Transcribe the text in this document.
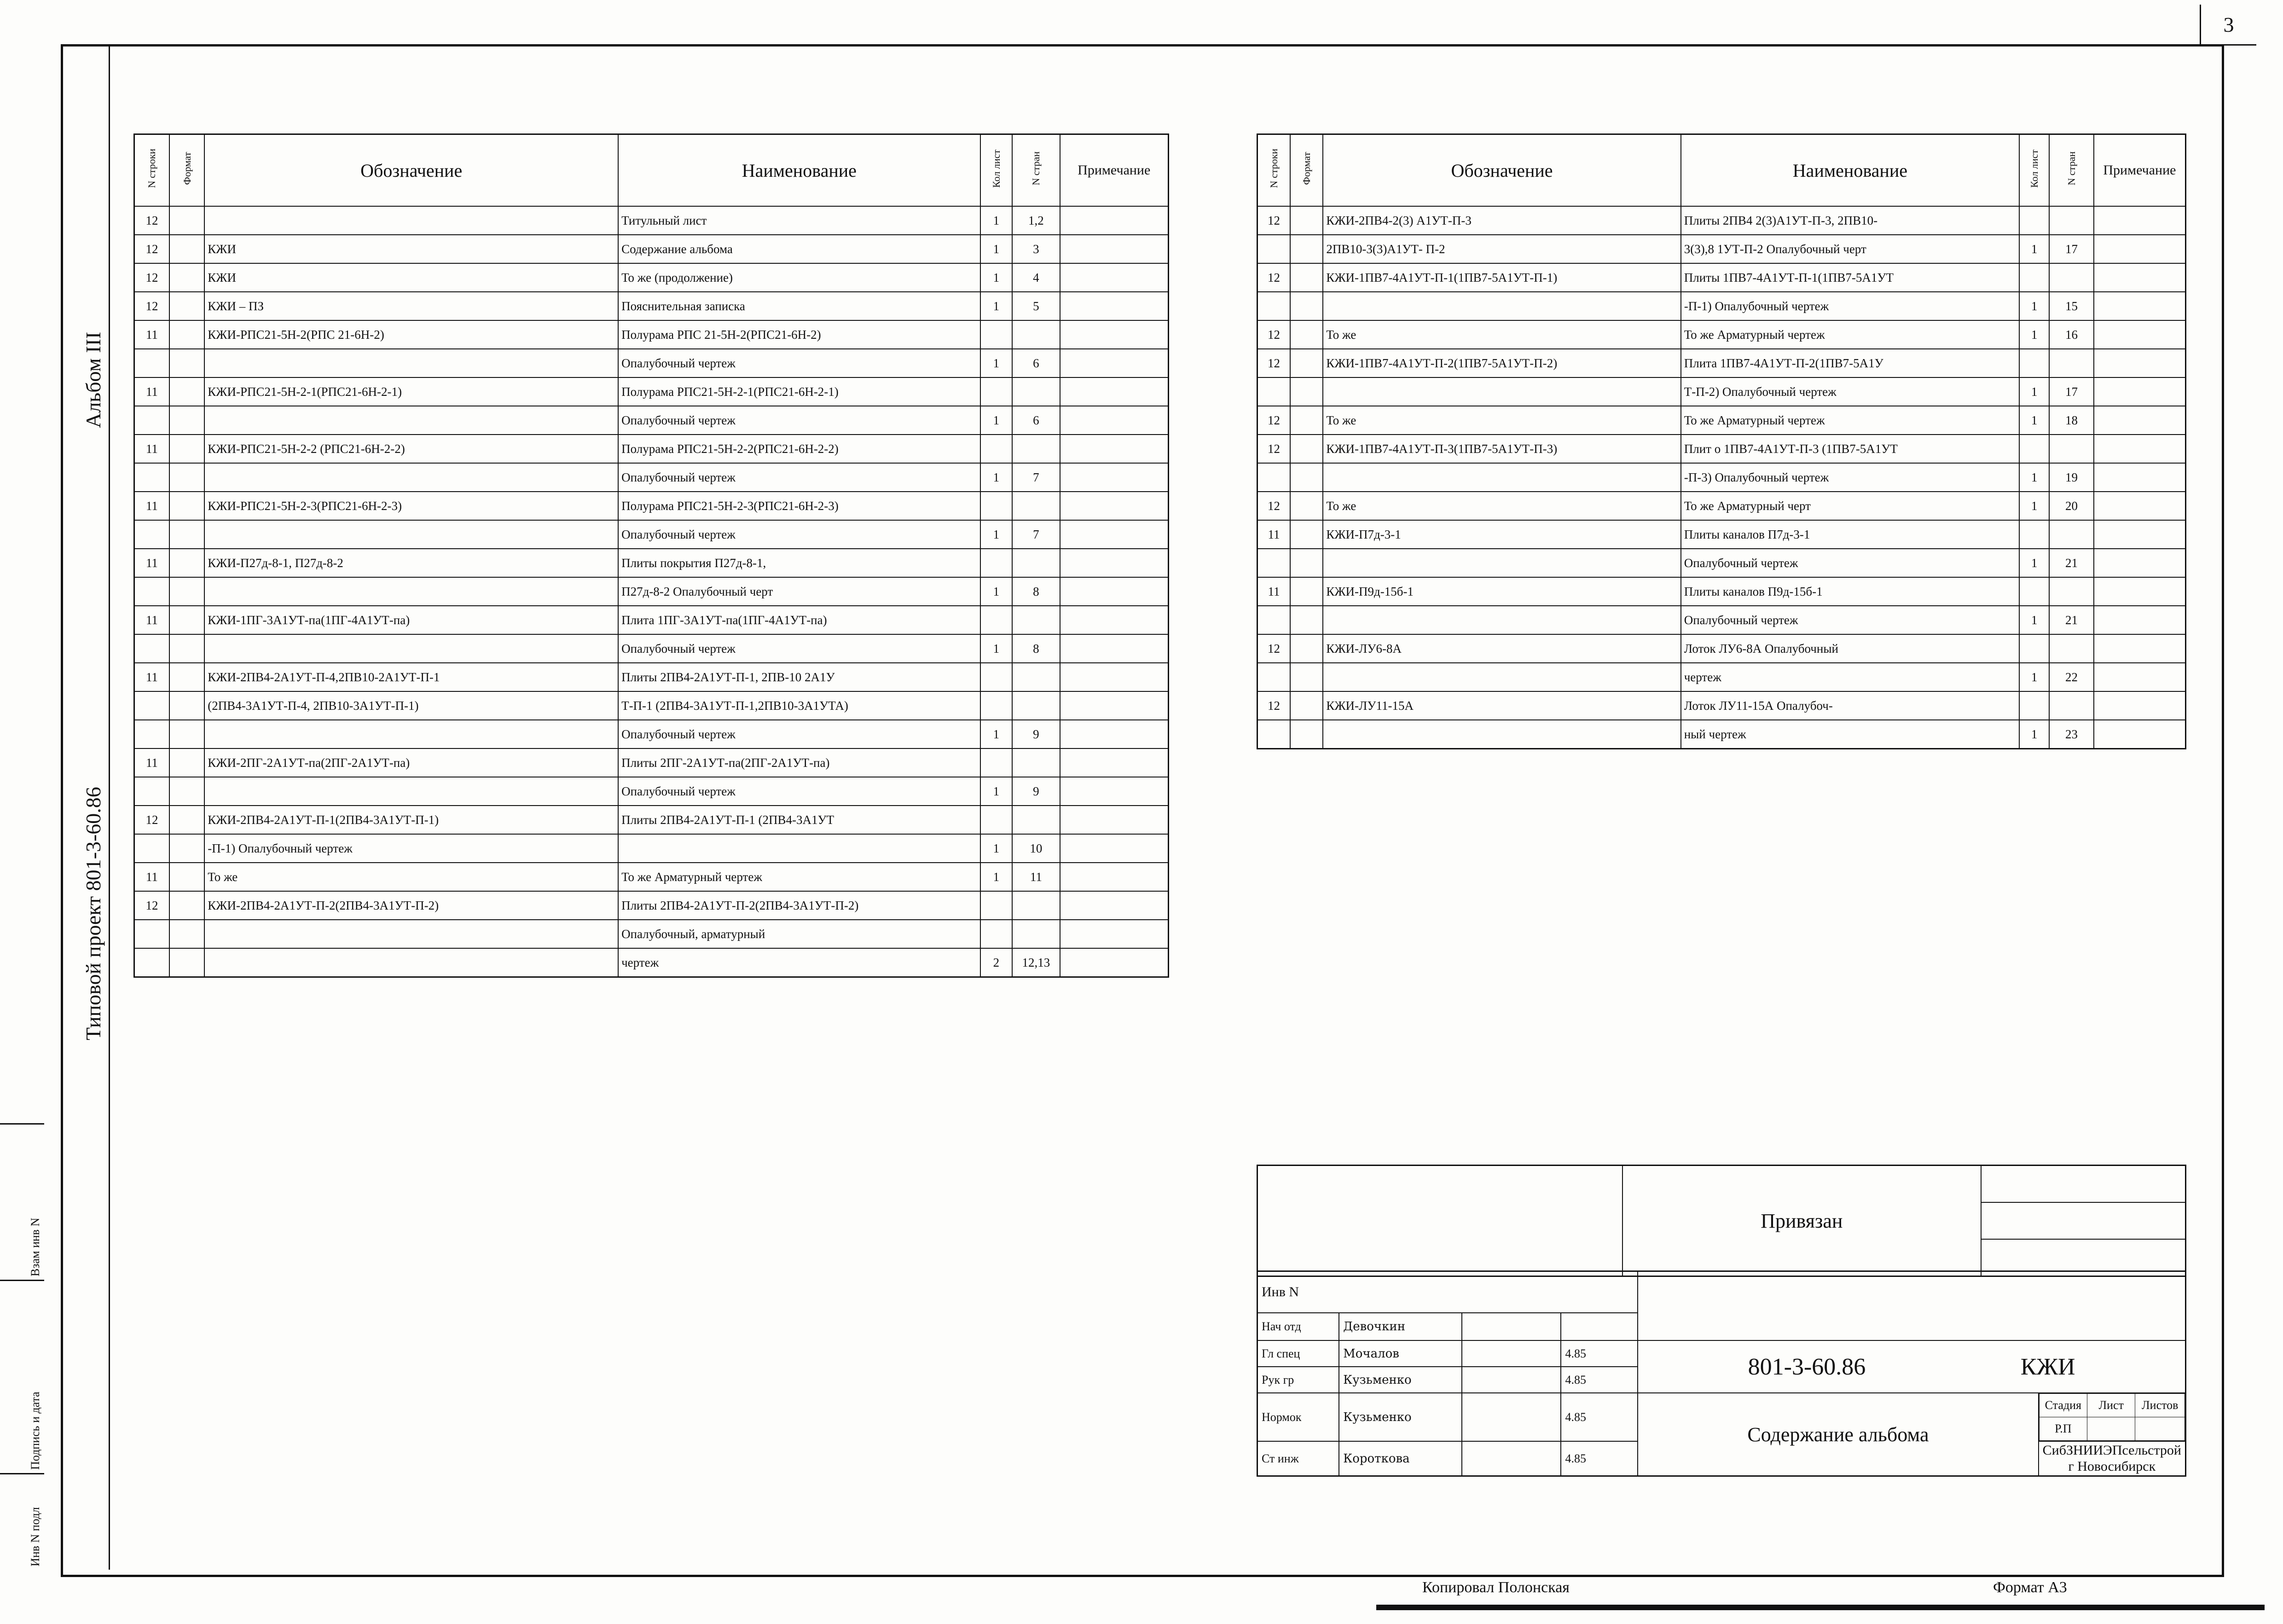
3
Альбом III
Типовой проект 801-3-60.86
Взам инв N
Подпись и дата
Инв N подл
N строки	Формат	Обозначение	Наименование	Кол лист	N стран	Примечание
12			Титульный лист	1	1,2	
12		КЖИ	Содержание альбома	1	3	
12		КЖИ	То же (продолжение)	1	4	
12		КЖИ – ПЗ	Пояснительная записка	1	5	
11		КЖИ-РПС21-5Н-2(РПС 21-6Н-2)	Полурама РПС 21-5Н-2(РПС21-6Н-2)			
			Опалубочный чертеж	1	6	
11		КЖИ-РПС21-5Н-2-1(РПС21-6Н-2-1)	Полурама РПС21-5Н-2-1(РПС21-6Н-2-1)			
			Опалубочный чертеж	1	6	
11		КЖИ-РПС21-5Н-2-2 (РПС21-6Н-2-2)	Полурама РПС21-5Н-2-2(РПС21-6Н-2-2)			
			Опалубочный чертеж	1	7	
11		КЖИ-РПС21-5Н-2-3(РПС21-6Н-2-3)	Полурама РПС21-5Н-2-3(РПС21-6Н-2-3)			
			Опалубочный чертеж	1	7	
11		КЖИ-П27д-8-1, П27д-8-2	Плиты покрытия П27д-8-1,			
			П27д-8-2 Опалубочный черт	1	8	
11		КЖИ-1ПГ-3А1УТ-па(1ПГ-4А1УТ-па)	Плита 1ПГ-3А1УТ-па(1ПГ-4А1УТ-па)			
			Опалубочный чертеж	1	8	
11		КЖИ-2ПВ4-2А1УТ-П-4,2ПВ10-2А1УТ-П-1	Плиты 2ПВ4-2А1УТ-П-1, 2ПВ-10 2А1У			
		(2ПВ4-3А1УТ-П-4, 2ПВ10-3А1УТ-П-1)	Т-П-1 (2ПВ4-3А1УТ-П-1,2ПВ10-3А1УТА)			
			Опалубочный чертеж	1	9	
11		КЖИ-2ПГ-2А1УТ-па(2ПГ-2А1УТ-па)	Плиты 2ПГ-2А1УТ-па(2ПГ-2А1УТ-па)			
			Опалубочный чертеж	1	9	
12		КЖИ-2ПВ4-2А1УТ-П-1(2ПВ4-3А1УТ-П-1)	Плиты 2ПВ4-2А1УТ-П-1 (2ПВ4-3А1УТ			
		-П-1) Опалубочный чертеж		1	10	
11		То же	То же Арматурный чертеж	1	11	
12		КЖИ-2ПВ4-2А1УТ-П-2(2ПВ4-3А1УТ-П-2)	Плиты 2ПВ4-2А1УТ-П-2(2ПВ4-3А1УТ-П-2)			
			Опалубочный, арматурный			
			чертеж	2	12,13	
N строки	Формат	Обозначение	Наименование	Кол лист	N стран	Примечание
12		КЖИ-2ПВ4-2(3) А1УТ-П-3	Плиты 2ПВ4 2(3)А1УТ-П-3, 2ПВ10-			
		2ПВ10-3(3)А1УТ- П-2	3(3),8 1УТ-П-2 Опалубочный черт	1	17	
12		КЖИ-1ПВ7-4А1УТ-П-1(1ПВ7-5А1УТ-П-1)	Плиты 1ПВ7-4А1УТ-П-1(1ПВ7-5А1УТ			
			-П-1) Опалубочный чертеж	1	15	
12		То же	То же Арматурный чертеж	1	16	
12		КЖИ-1ПВ7-4А1УТ-П-2(1ПВ7-5А1УТ-П-2)	Плита 1ПВ7-4А1УТ-П-2(1ПВ7-5А1У			
			Т-П-2) Опалубочный чертеж	1	17	
12		То же	То же Арматурный чертеж	1	18	
12		КЖИ-1ПВ7-4А1УТ-П-3(1ПВ7-5А1УТ-П-3)	Плит о 1ПВ7-4А1УТ-П-3 (1ПВ7-5А1УТ			
			-П-3) Опалубочный чертеж	1	19	
12		То же	То же Арматурный черт	1	20	
11		КЖИ-П7д-3-1	Плиты каналов П7д-3-1			
			Опалубочный чертеж	1	21	
11		КЖИ-П9д-15б-1	Плиты каналов П9д-15б-1			
			Опалубочный чертеж	1	21	
12		КЖИ-ЛУ6-8А	Лоток ЛУ6-8А Опалубочный			
			чертеж	1	22	
12		КЖИ-ЛУ11-15А	Лоток ЛУ11-15А Опалубоч-			
			ный чертеж	1	23	
	Привязан	

Инв N	
Нач отд	Девочкин		
Гл спец	Мочалов		4.85	801-3-60.86	КЖИ
Рук гр	Кузьменко		4.85
Нормок	Кузьменко		4.85	Содержание альбома	
Стадия	Лист	Листов
Р.П		

Ст инж	Короткова		4.85	
СибЗНИИЭПсельстрой
г Новосибирск
Копировал Полонская	Формат А3
